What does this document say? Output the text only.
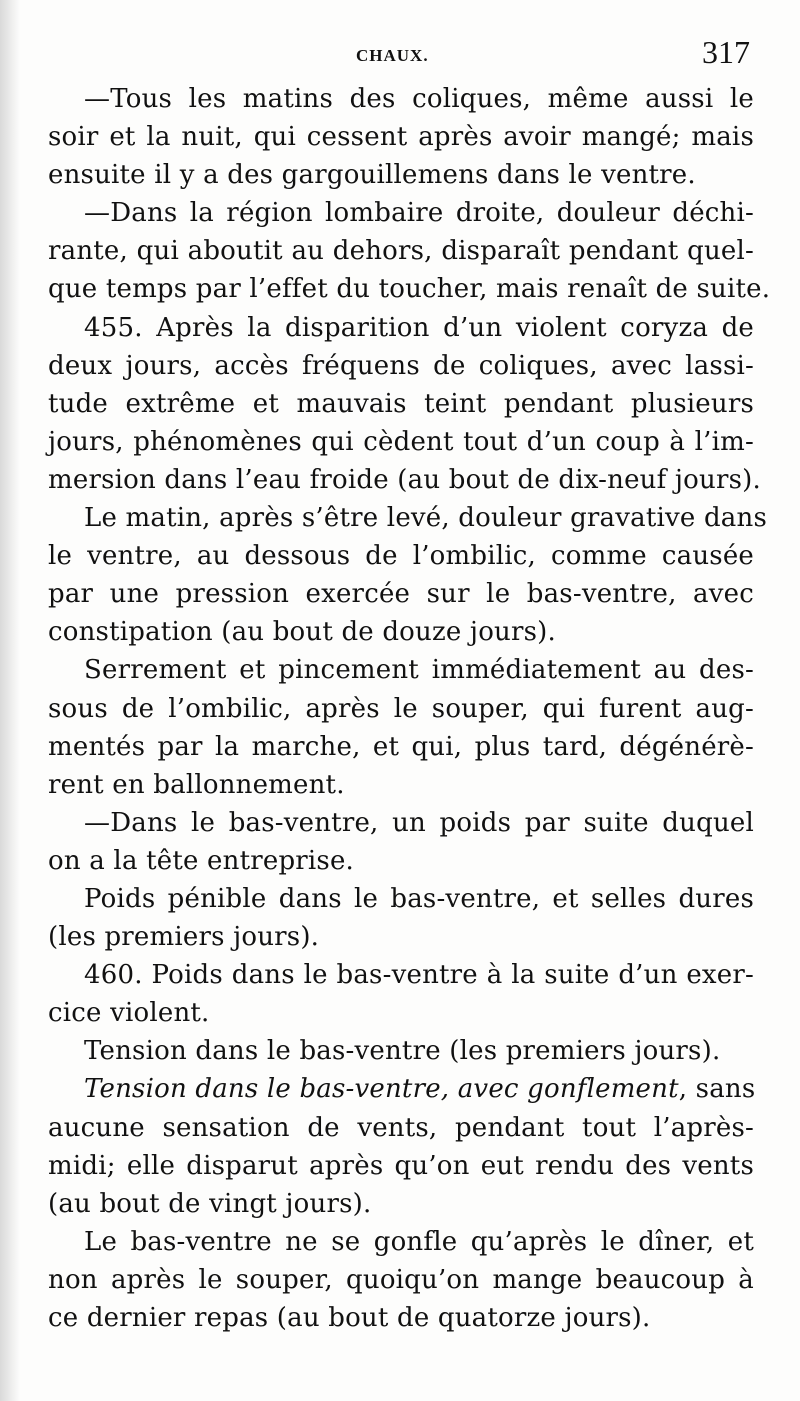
CHAUX.	317
—Tous les matins des coliques, même aussi le
soir et la nuit, qui cessent après avoir mangé; mais
ensuite il y a des gargouillemens dans le ventre.
—Dans la région lombaire droite, douleur déchi-
rante, qui aboutit au dehors, disparaît pendant quel-
que temps par l’effet du toucher, mais renaît de suite.
455. Après la disparition d’un violent coryza de
deux jours, accès fréquens de coliques, avec lassi-
tude extrême et mauvais teint pendant plusieurs
jours, phénomènes qui cèdent tout d’un coup à l’im-
mersion dans l’eau froide (au bout de dix-neuf jours).
Le matin, après s’être levé, douleur gravative dans
le ventre, au dessous de l’ombilic, comme causée
par une pression exercée sur le bas-ventre, avec
constipation (au bout de douze jours).
Serrement et pincement immédiatement au des-
sous de l’ombilic, après le souper, qui furent aug-
mentés par la marche, et qui, plus tard, dégénérè-
rent en ballonnement.
—Dans le bas-ventre, un poids par suite duquel
on a la tête entreprise.
Poids pénible dans le bas-ventre, et selles dures
(les premiers jours).
460. Poids dans le bas-ventre à la suite d’un exer-
cice violent.
Tension dans le bas-ventre (les premiers jours).
Tension dans le bas-ventre, avec gonflement, sans
aucune sensation de vents, pendant tout l’après-
midi; elle disparut après qu’on eut rendu des vents
(au bout de vingt jours).
Le bas-ventre ne se gonfle qu’après le dîner, et
non après le souper, quoiqu’on mange beaucoup à
ce dernier repas (au bout de quatorze jours).
